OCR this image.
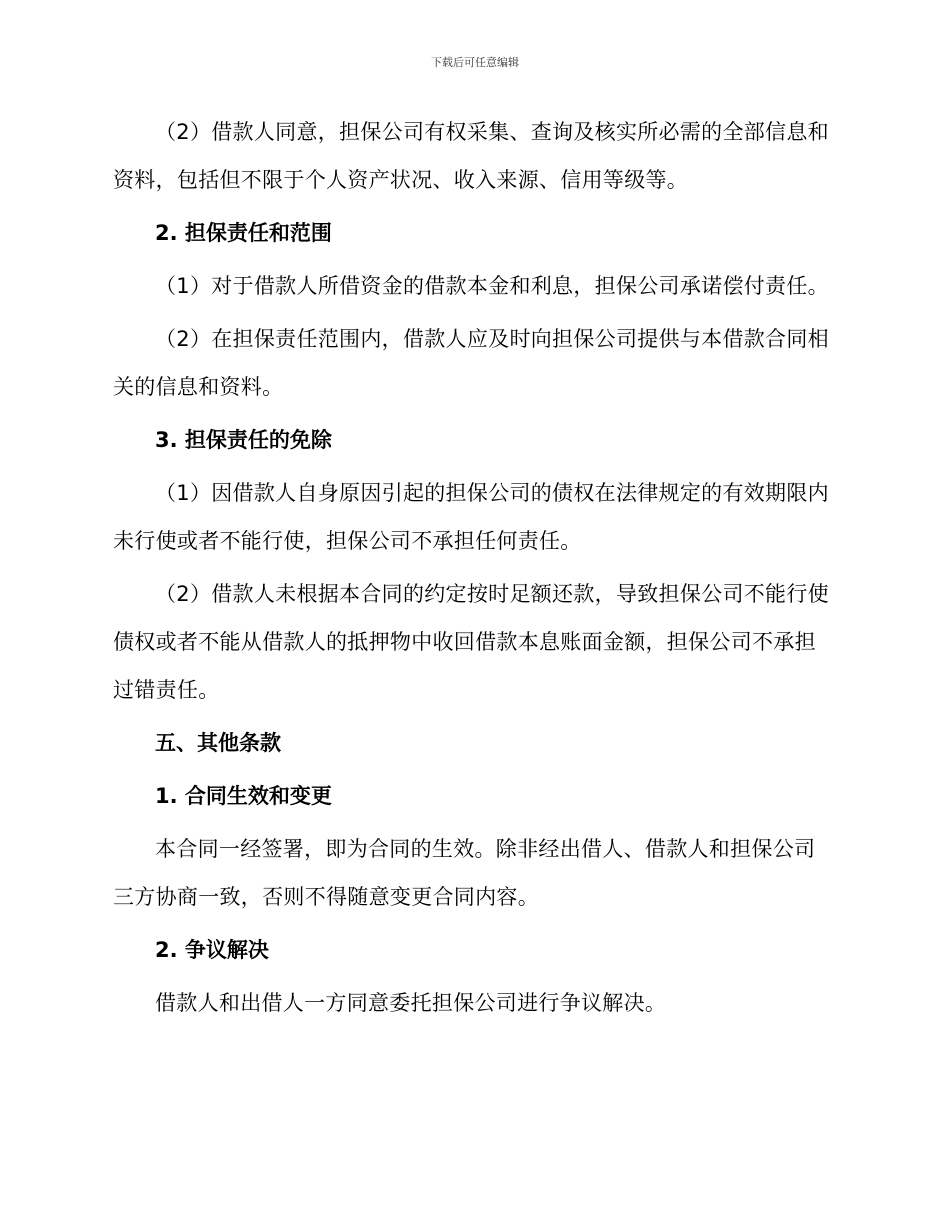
下载后可任意编辑

（2）借款人同意，担保公司有权采集、查询及核实所必需的全部信息和资料，包括但不限于个人资产状况、收入来源、信用等级等。

2. 担保责任和范围

（1）对于借款人所借资金的借款本金和利息，担保公司承诺偿付责任。

（2）在担保责任范围内，借款人应及时向担保公司提供与本借款合同相关的信息和资料。

3. 担保责任的免除

（1）因借款人自身原因引起的担保公司的债权在法律规定的有效期限内未行使或者不能行使，担保公司不承担任何责任。

（2）借款人未根据本合同的约定按时足额还款，导致担保公司不能行使债权或者不能从借款人的抵押物中收回借款本息账面金额，担保公司不承担过错责任。

五、其他条款

1. 合同生效和变更

本合同一经签署，即为合同的生效。除非经出借人、借款人和担保公司三方协商一致，否则不得随意变更合同内容。

2. 争议解决

借款人和出借人一方同意委托担保公司进行争议解决。
